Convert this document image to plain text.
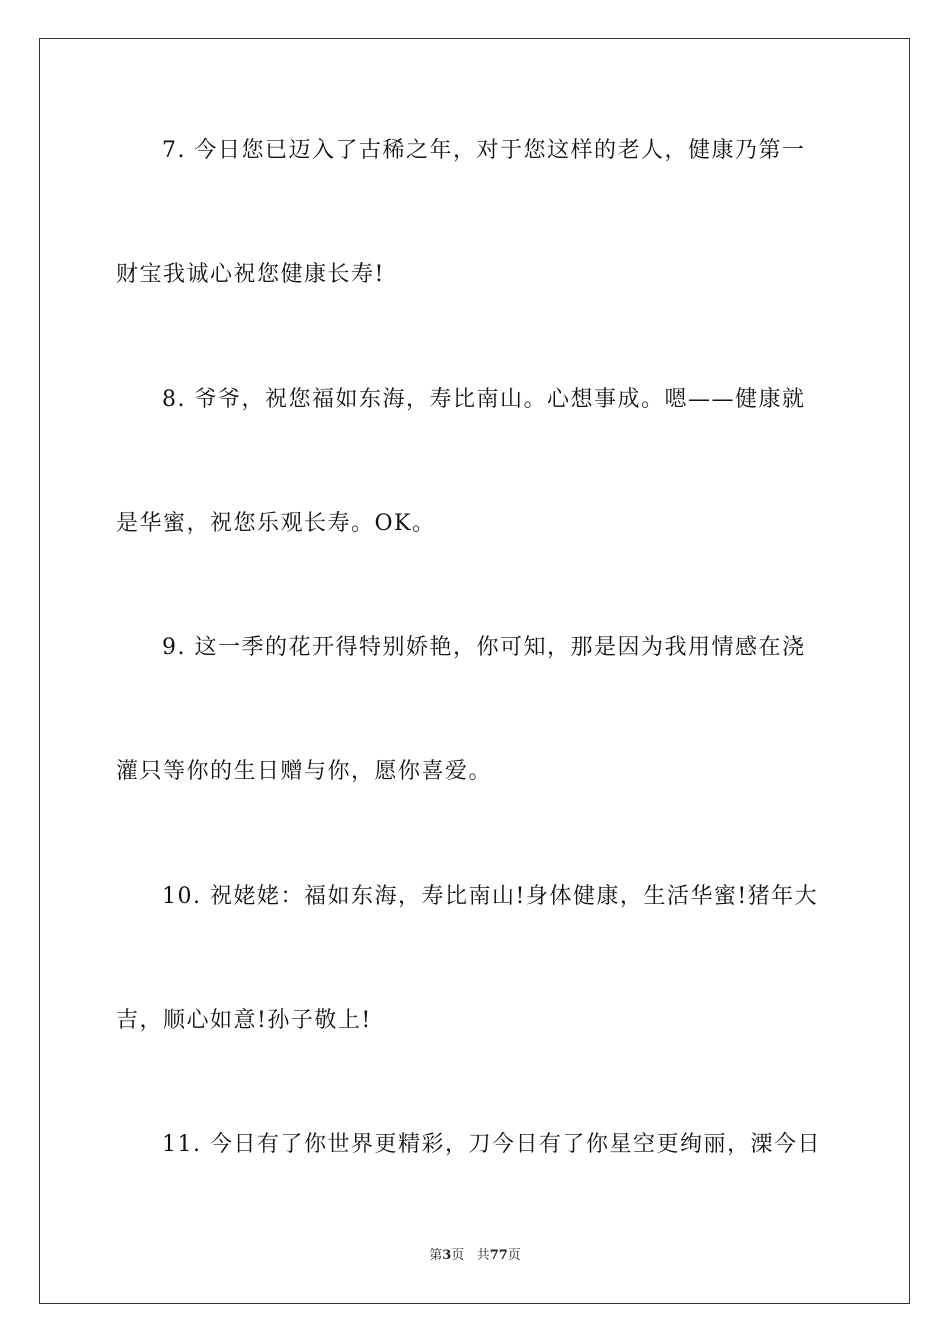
7. 今日您已迈入了古稀之年，对于您这样的老人，健康乃第一
财宝我诚心祝您健康长寿!
8. 爷爷，祝您福如东海，寿比南山。心想事成。嗯——健康就
是华蜜，祝您乐观长寿。OK。
9. 这一季的花开得特别娇艳，你可知，那是因为我用情感在浇
灌只等你的生日赠与你，愿你喜爱。
10. 祝姥姥：福如东海，寿比南山!身体健康，生活华蜜!猪年大
吉，顺心如意!孙子敬上!
11. 今日有了你世界更精彩，刀今日有了你星空更绚丽，溧今日
第3页 共77页
